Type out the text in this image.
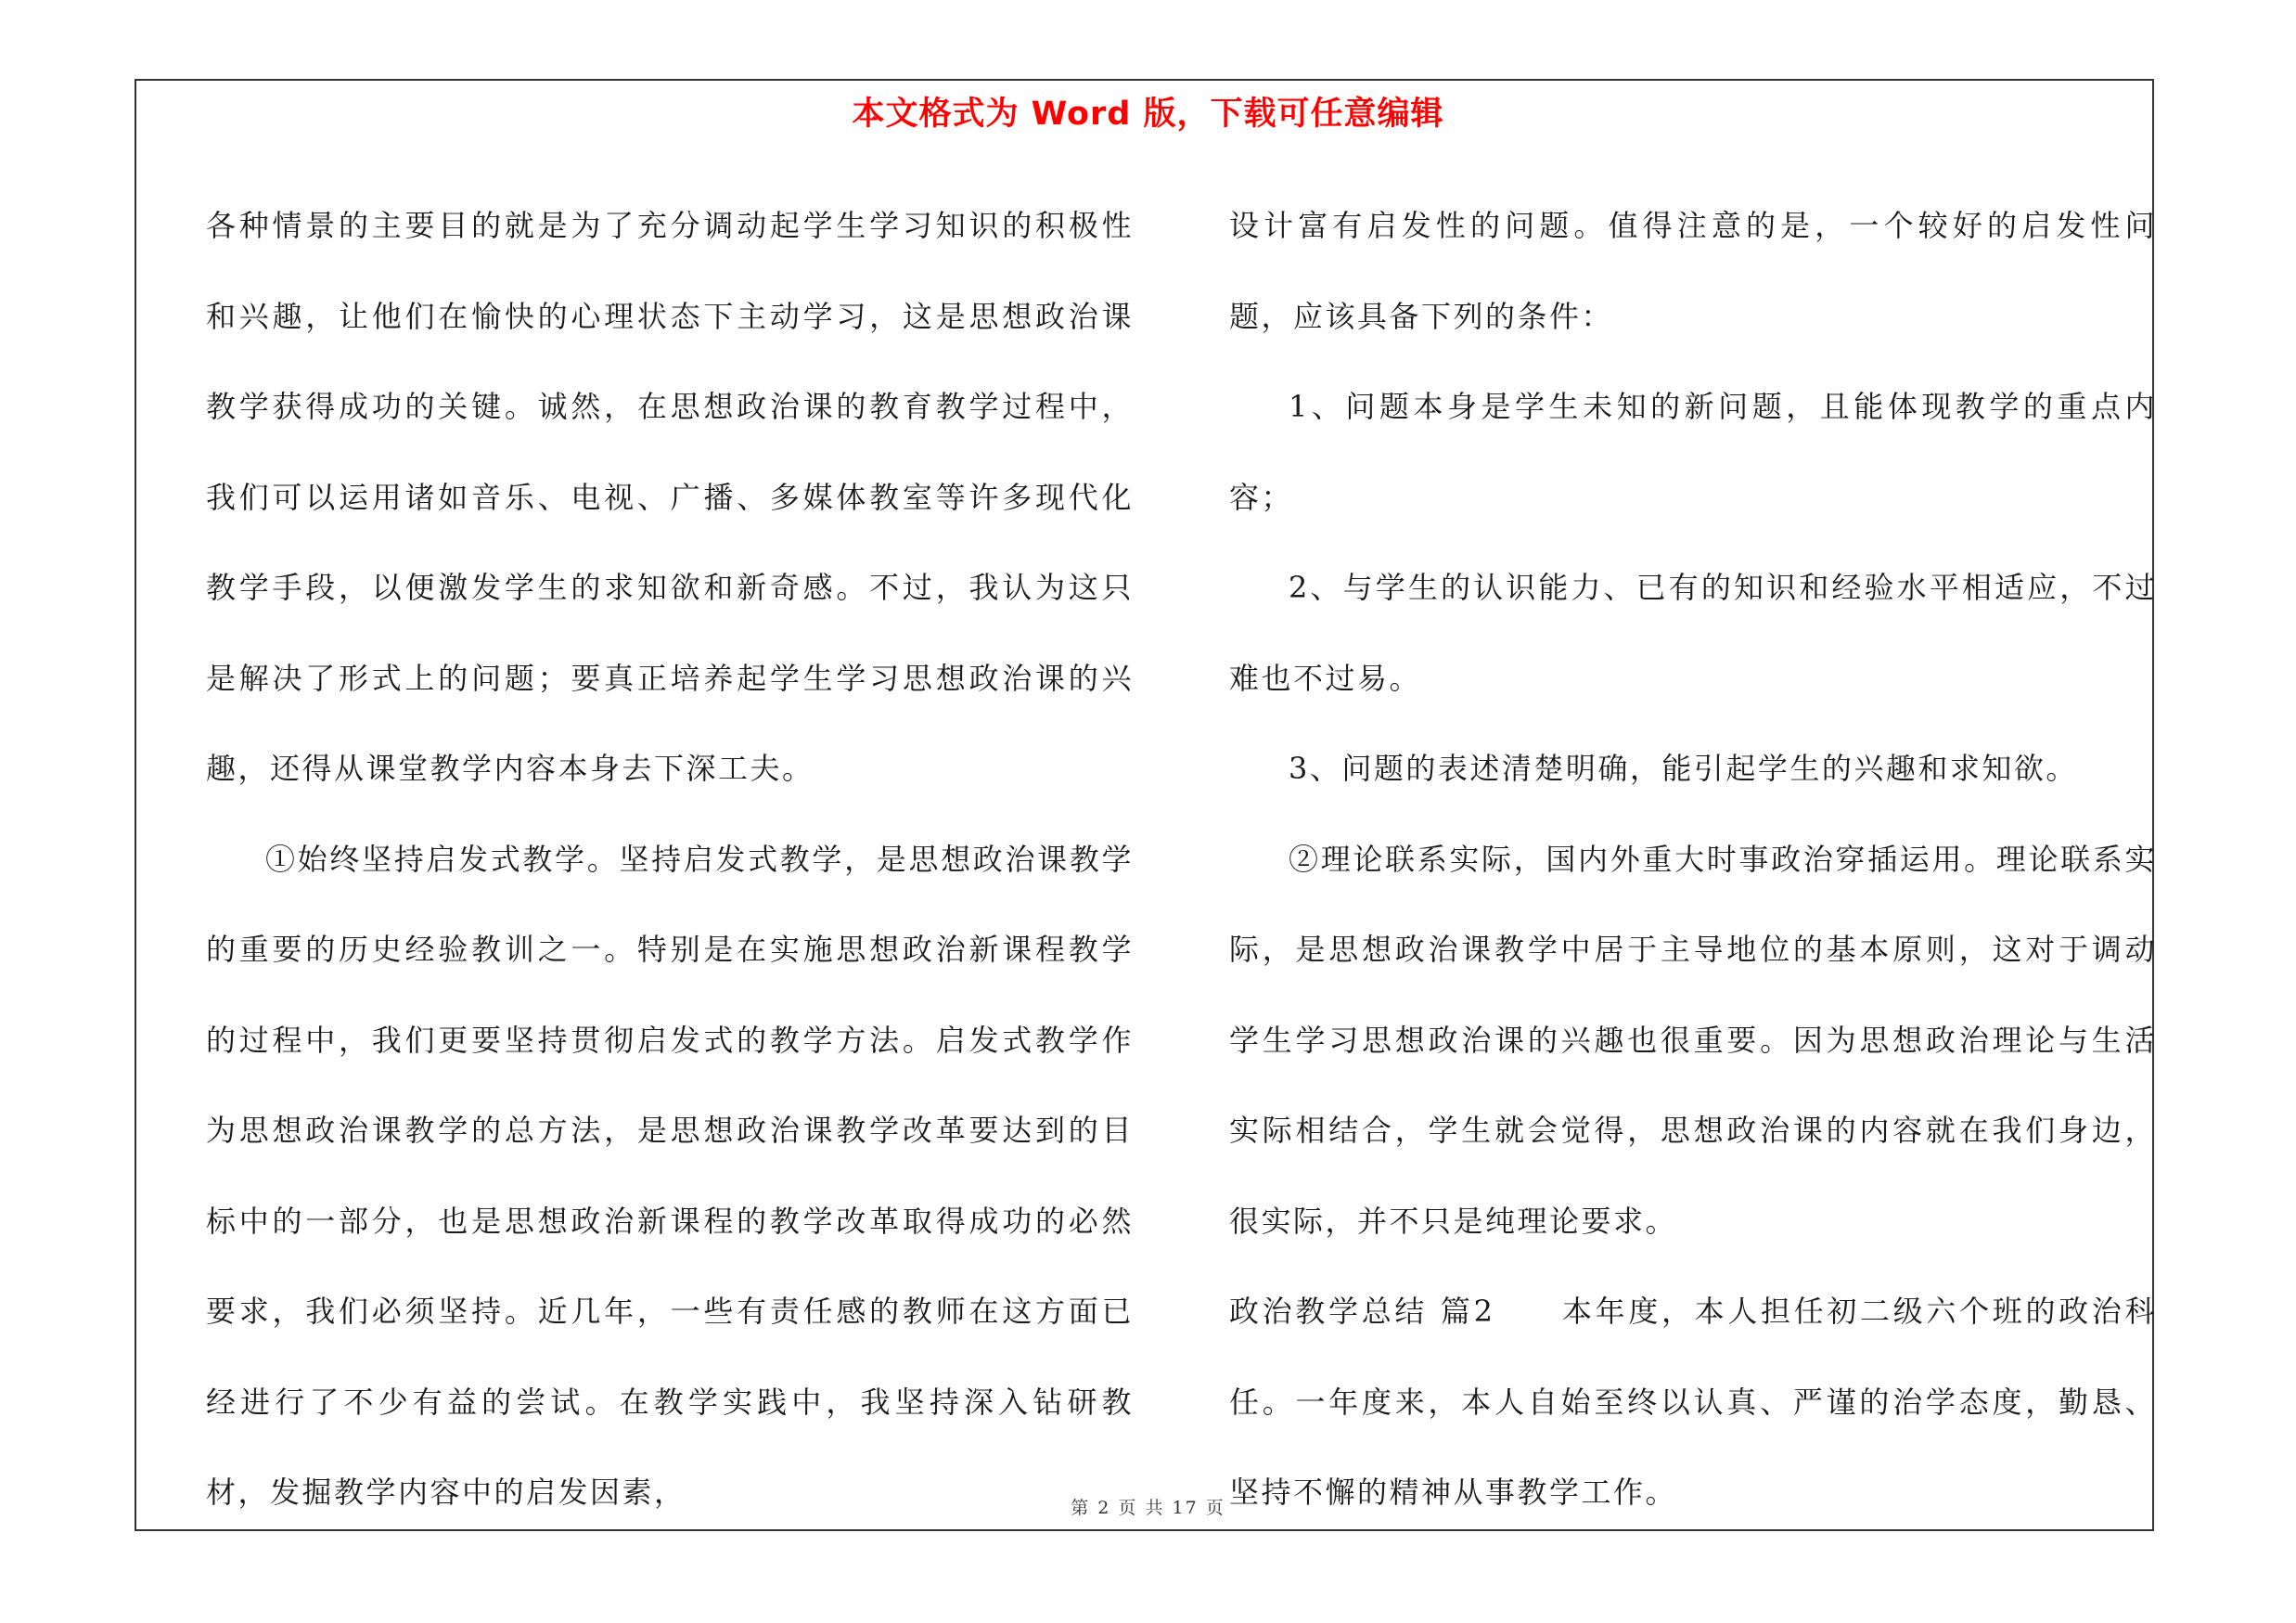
本文格式为 Word 版，下载可任意编辑

各种情景的主要目的就是为了充分调动起学生学习知识的积极性和兴趣，让他们在愉快的心理状态下主动学习，这是思想政治课教学获得成功的关键。诚然，在思想政治课的教育教学过程中，我们可以运用诸如音乐、电视、广播、多媒体教室等许多现代化教学手段，以便激发学生的求知欲和新奇感。不过，我认为这只是解决了形式上的问题；要真正培养起学生学习思想政治课的兴趣，还得从课堂教学内容本身去下深工夫。

①始终坚持启发式教学。坚持启发式教学，是思想政治课教学的重要的历史经验教训之一。特别是在实施思想政治新课程教学的过程中，我们更要坚持贯彻启发式的教学方法。启发式教学作为思想政治课教学的总方法，是思想政治课教学改革要达到的目标中的一部分，也是思想政治新课程的教学改革取得成功的必然要求，我们必须坚持。近几年，一些有责任感的教师在这方面已经进行了不少有益的尝试。在教学实践中，我坚持深入钻研教材，发掘教学内容中的启发因素，

设计富有启发性的问题。值得注意的是，一个较好的启发性问题，应该具备下列的条件：

1、问题本身是学生未知的新问题，且能体现教学的重点内容；

2、与学生的认识能力、已有的知识和经验水平相适应，不过难也不过易。

3、问题的表述清楚明确，能引起学生的兴趣和求知欲。

②理论联系实际，国内外重大时事政治穿插运用。理论联系实际，是思想政治课教学中居于主导地位的基本原则，这对于调动学生学习思想政治课的兴趣也很重要。因为思想政治理论与生活实际相结合，学生就会觉得，思想政治课的内容就在我们身边，很实际，并不只是纯理论要求。

政治教学总结 篇2　　本年度，本人担任初二级六个班的政治科任。一年度来，本人自始至终以认真、严谨的治学态度，勤恳、坚持不懈的精神从事教学工作。

第 2 页 共 17 页
